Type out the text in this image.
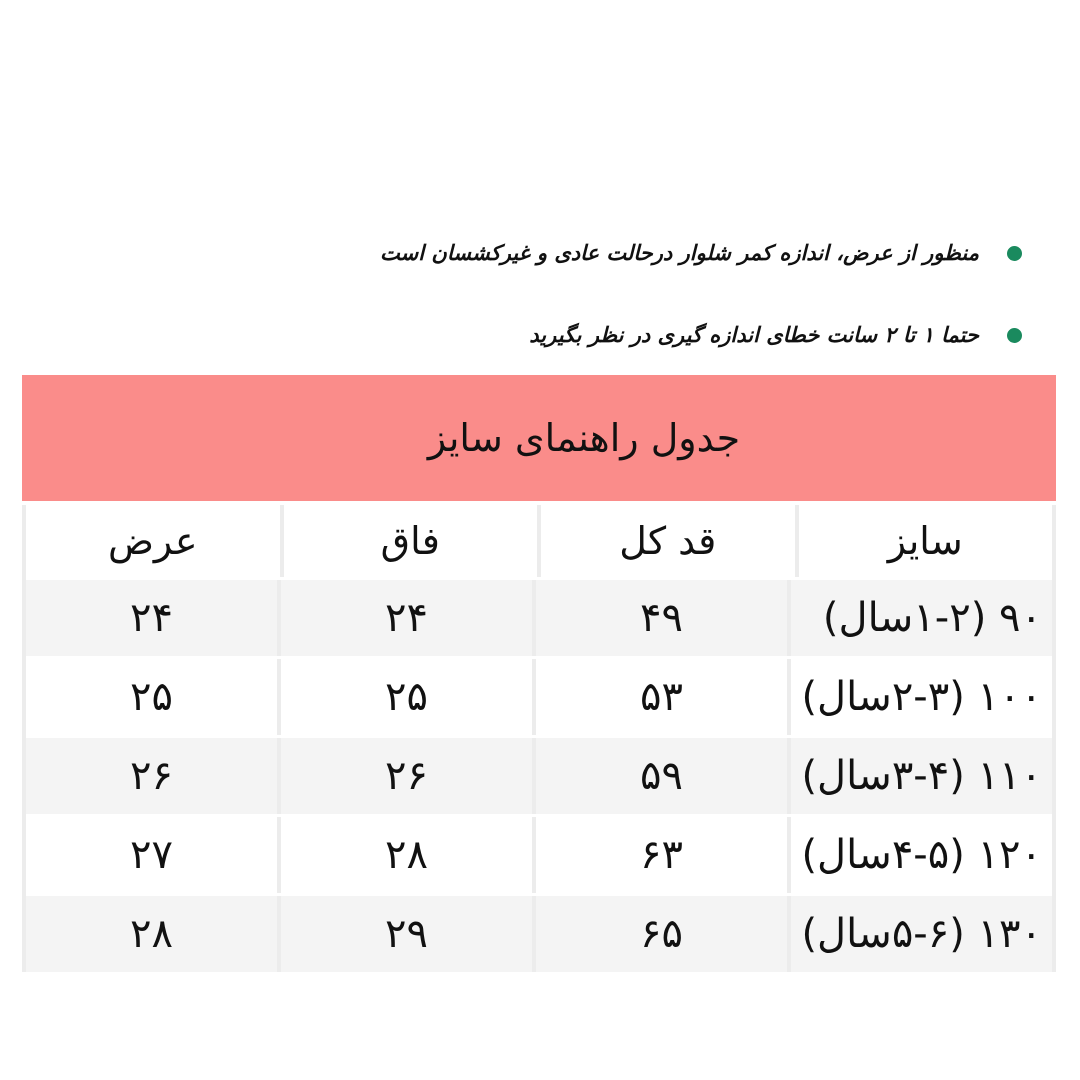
منظور از عرض، اندازه کمر شلوار درحالت عادی و غیرکشسان است
حتما ۱ تا ۲ سانت خطای اندازه گیری در نظر بگیرید
جدول راهنمای سایز
سایز
قد کل
فاق
عرض
۹۰ (۱-۲سال)
۴۹
۲۴
۲۴
۱۰۰ (۲-۳سال)
۵۳
۲۵
۲۵
۱۱۰ (۳-۴سال)
۵۹
۲۶
۲۶
۱۲۰ (۴-۵سال)
۶۳
۲۸
۲۷
۱۳۰ (۵-۶سال)
۶۵
۲۹
۲۸
